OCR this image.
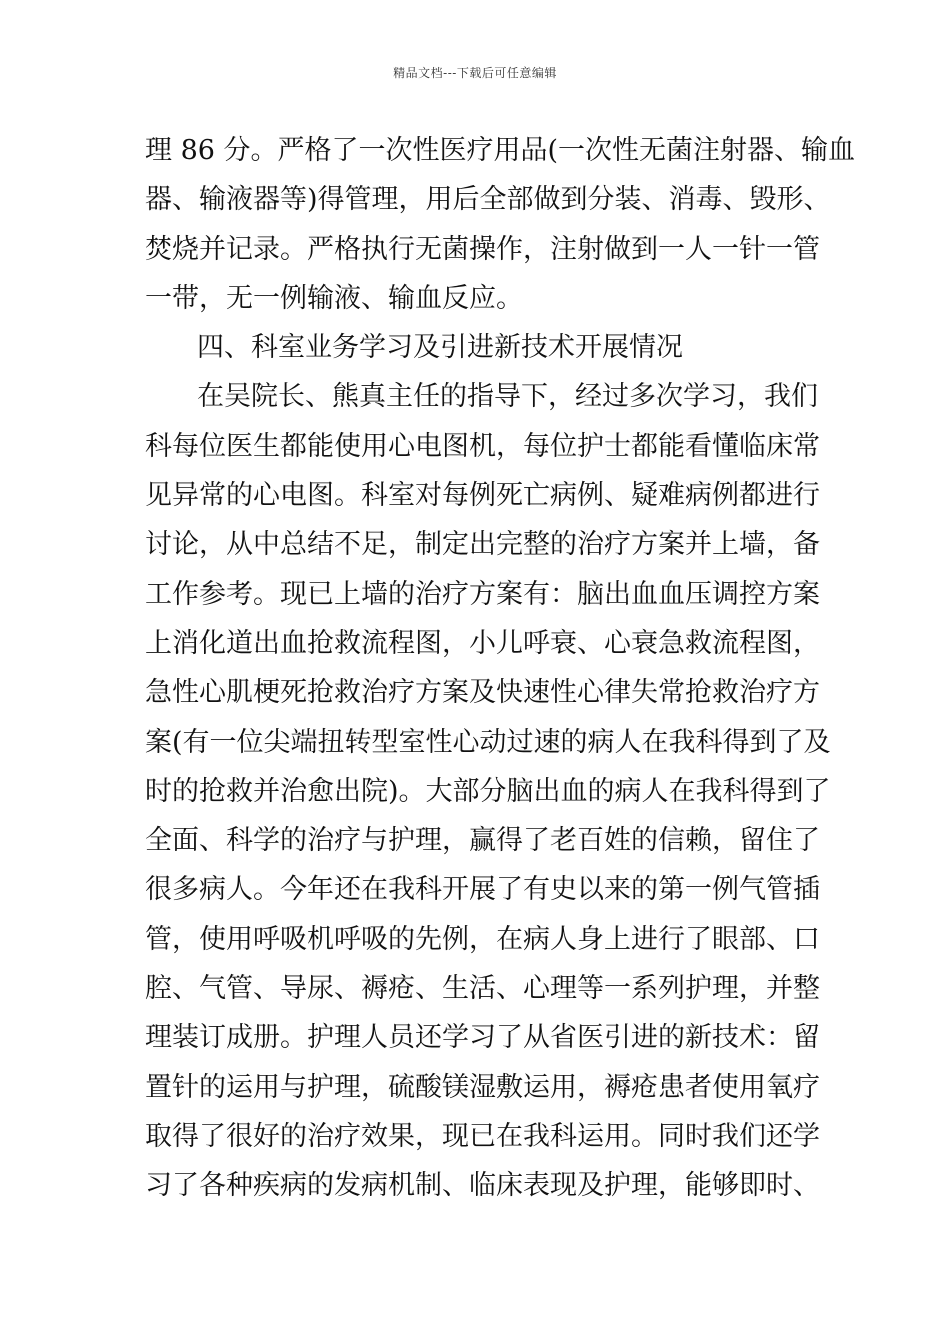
精品文档---下载后可任意编辑
理 86 分。严格了一次性医疗用品(一次性无菌注射器、输血
器、输液器等)得管理，用后全部做到分装、消毒、毁形、
焚烧并记录。严格执行无菌操作，注射做到一人一针一管
一带，无一例输液、输血反应。
四、科室业务学习及引进新技术开展情况
在吴院长、熊真主任的指导下，经过多次学习，我们
科每位医生都能使用心电图机，每位护士都能看懂临床常
见异常的心电图。科室对每例死亡病例、疑难病例都进行
讨论，从中总结不足，制定出完整的治疗方案并上墙，备
工作参考。现已上墙的治疗方案有：脑出血血压调控方案
上消化道出血抢救流程图，小儿呼衰、心衰急救流程图，
急性心肌梗死抢救治疗方案及快速性心律失常抢救治疗方
案(有一位尖端扭转型室性心动过速的病人在我科得到了及
时的抢救并治愈出院)。大部分脑出血的病人在我科得到了
全面、科学的治疗与护理，赢得了老百姓的信赖，留住了
很多病人。今年还在我科开展了有史以来的第一例气管插
管，使用呼吸机呼吸的先例，在病人身上进行了眼部、口
腔、气管、导尿、褥疮、生活、心理等一系列护理，并整
理装订成册。护理人员还学习了从省医引进的新技术：留
置针的运用与护理，硫酸镁湿敷运用，褥疮患者使用氧疗
取得了很好的治疗效果，现已在我科运用。同时我们还学
习了各种疾病的发病机制、临床表现及护理，能够即时、
